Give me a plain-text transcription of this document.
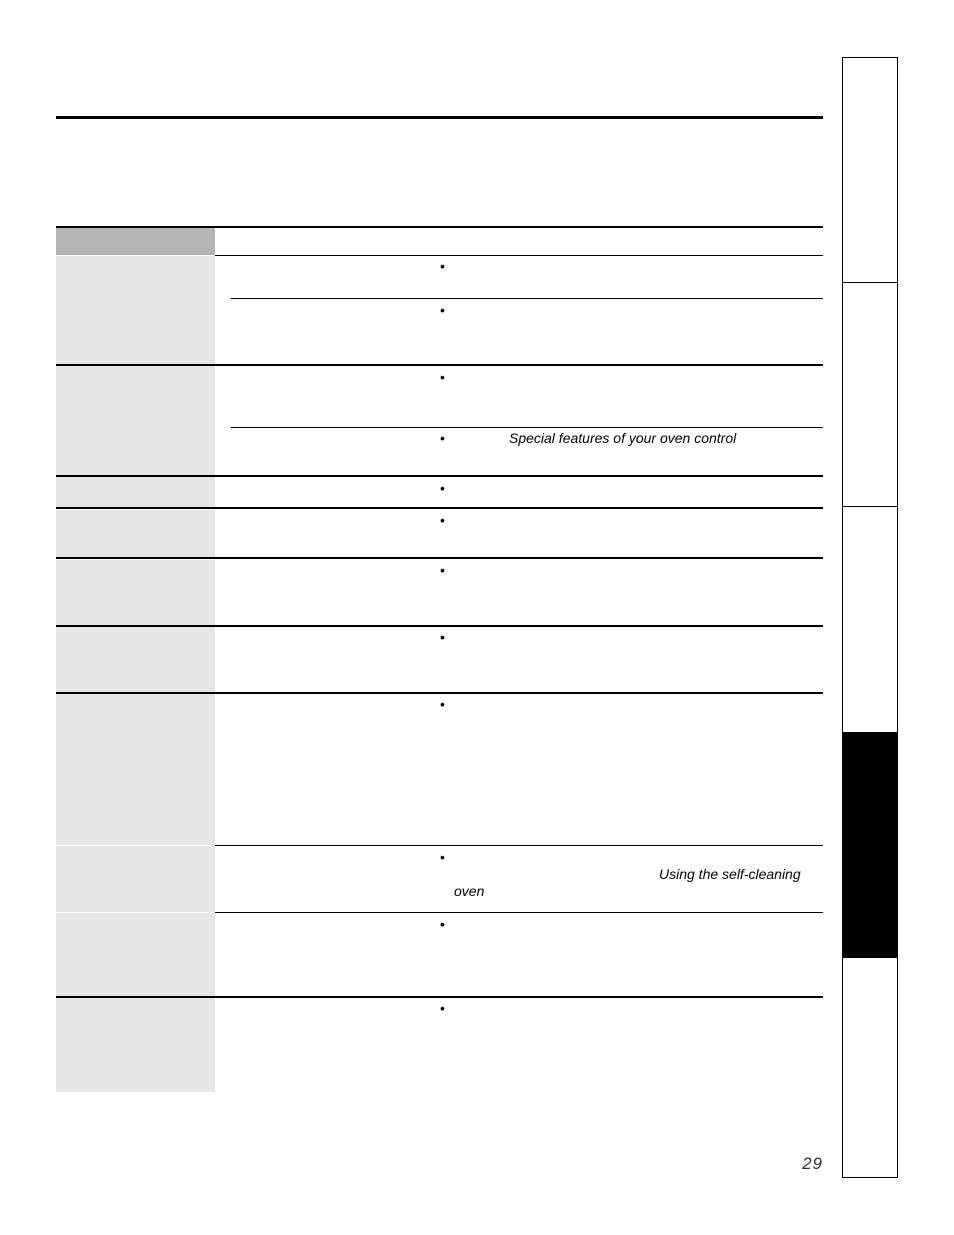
•
•
•
•
•
•
•
•
•
•
•
•
Special features of your oven control
Using the self-cleaning
oven
29
